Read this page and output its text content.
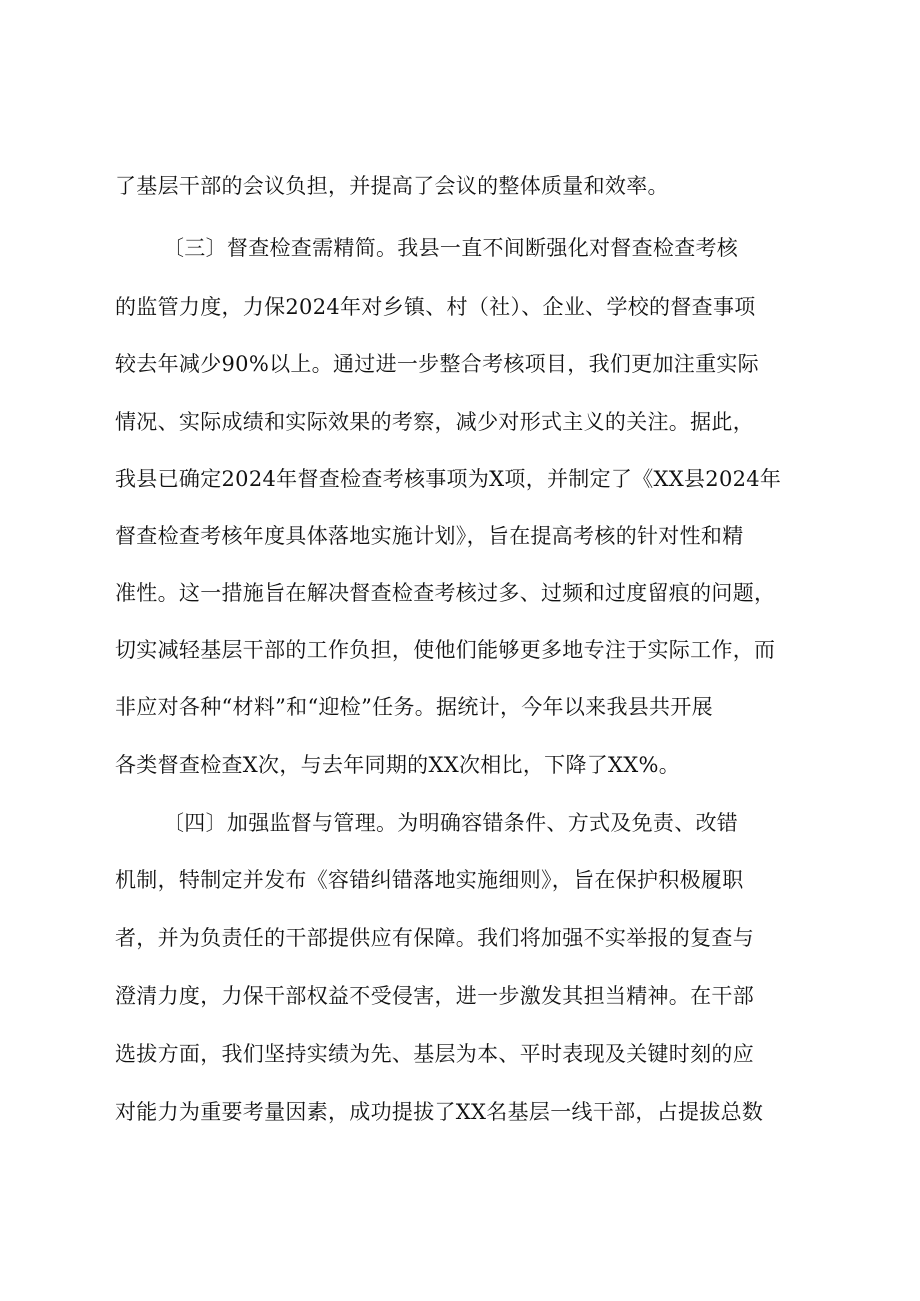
了基层干部的会议负担，并提高了会议的整体质量和效率。
〔三〕督查检查需精简。我县一直不间断强化对督查检查考核
的监管力度，力保2024年对乡镇、村（社）、企业、学校的督查事项
较去年减少90%以上。通过进一步整合考核项目，我们更加注重实际
情况、实际成绩和实际效果的考察，减少对形式主义的关注。据此，
我县已确定2024年督查检查考核事项为X项，并制定了《XX县2024年
督查检查考核年度具体落地实施计划》，旨在提高考核的针对性和精
准性。这一措施旨在解决督查检查考核过多、过频和过度留痕的问题，
切实减轻基层干部的工作负担，使他们能够更多地专注于实际工作，而
非应对各种“材料”和“迎检”任务。据统计，今年以来我县共开展
各类督查检查X次，与去年同期的XX次相比，下降了XX%。
〔四〕加强监督与管理。为明确容错条件、方式及免责、改错
机制，特制定并发布《容错纠错落地实施细则》，旨在保护积极履职
者，并为负责任的干部提供应有保障。我们将加强不实举报的复查与
澄清力度，力保干部权益不受侵害，进一步激发其担当精神。在干部
选拔方面，我们坚持实绩为先、基层为本、平时表现及关键时刻的应
对能力为重要考量因素，成功提拔了XX名基层一线干部，占提拔总数
